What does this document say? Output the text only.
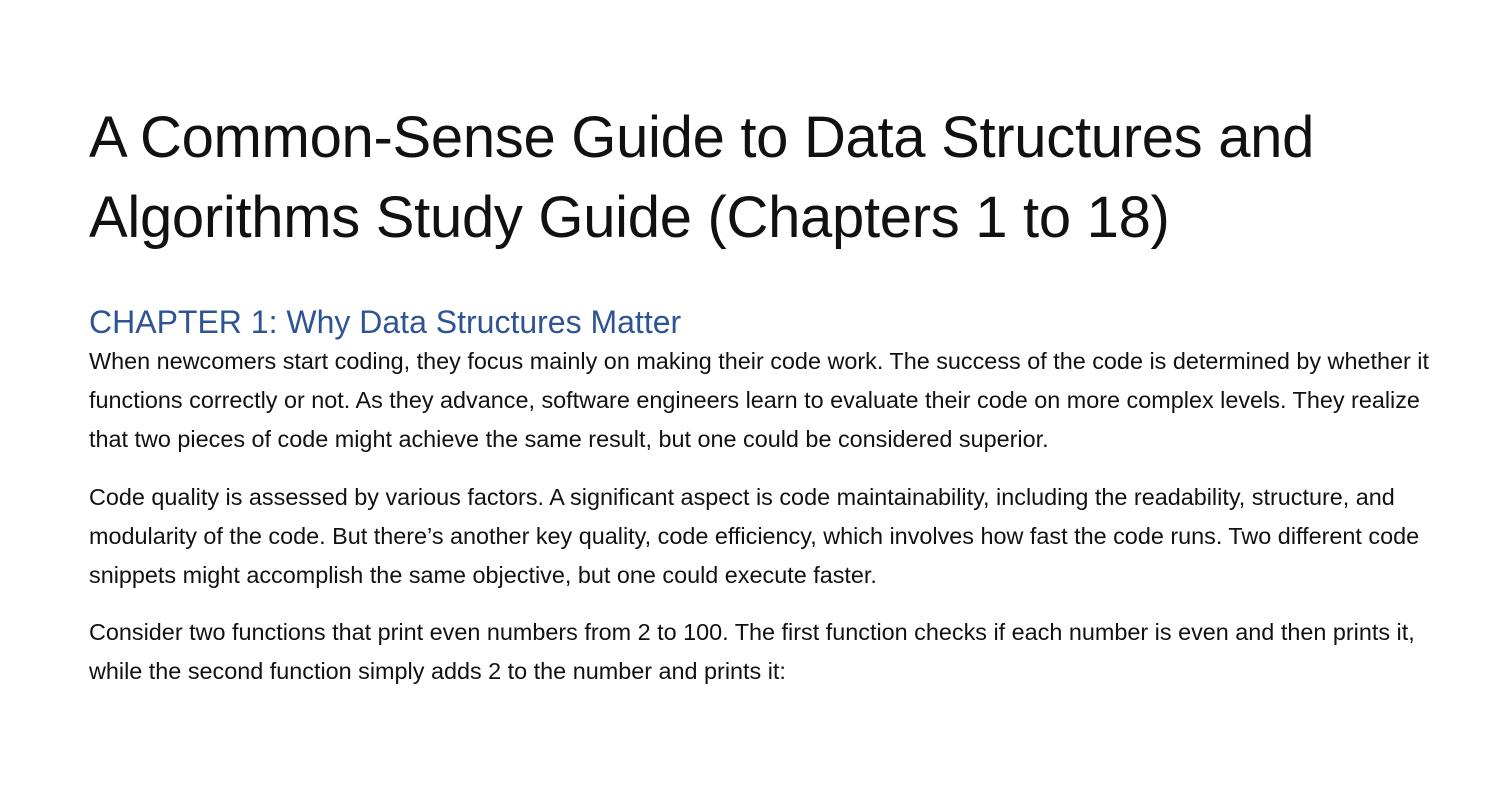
A Common-Sense Guide to Data Structures and Algorithms Study Guide (Chapters 1 to 18)
CHAPTER 1: Why Data Structures Matter

When newcomers start coding, they focus mainly on making their code work. The success of the code is determined by whether it functions correctly or not. As they advance, software engineers learn to evaluate their code on more complex levels. They realize that two pieces of code might achieve the same result, but one could be considered superior.

Code quality is assessed by various factors. A significant aspect is code maintainability, including the readability, structure, and modularity of the code. But there’s another key quality, code efficiency, which involves how fast the code runs. Two different code snippets might accomplish the same objective, but one could execute faster.

Consider two functions that print even numbers from 2 to 100. The first function checks if each number is even and then prints it, while the second function simply adds 2 to the number and prints it:
